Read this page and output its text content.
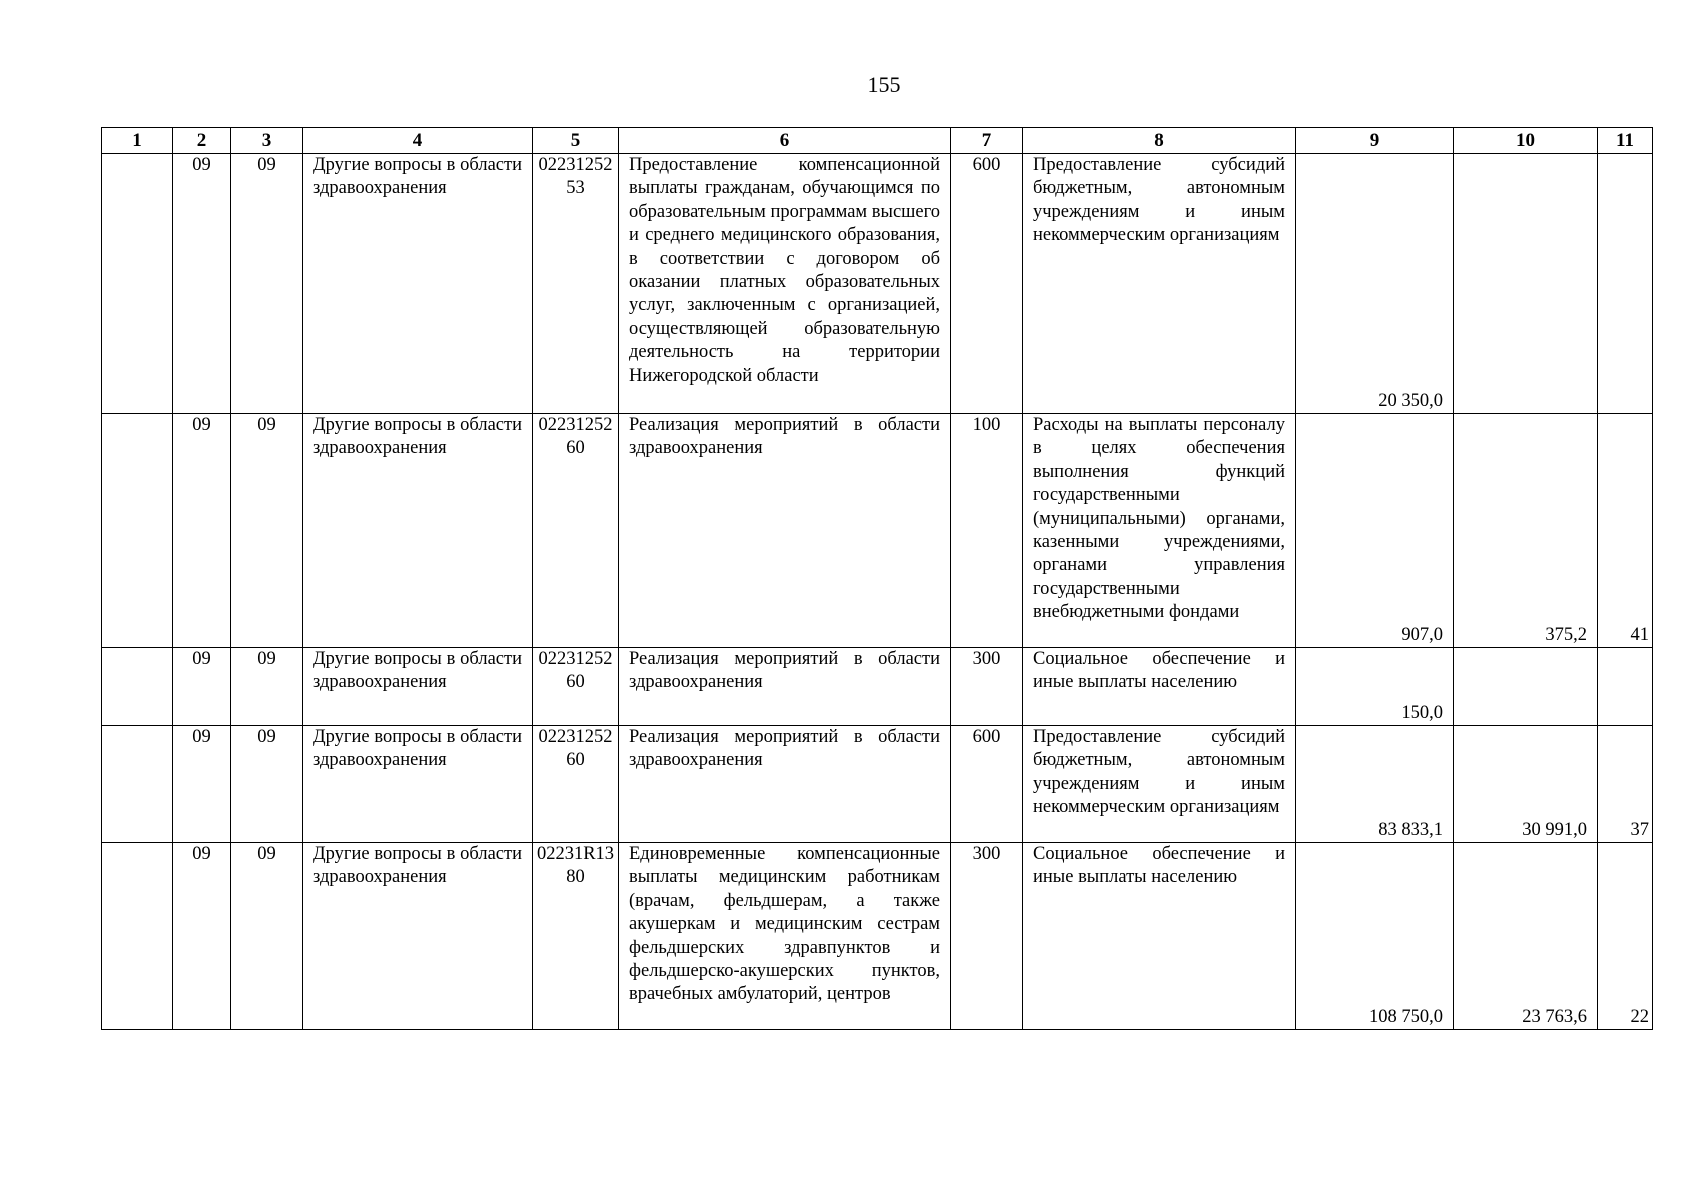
155
1	2	3	4	5	6	7	8	9	10	11
	09	09	Другие вопросы в области здравоохранения	0223125253	Предоставление компенсационной выплаты гражданам, обучающимся по образовательным программам высшего и среднего медицинского образования, в соответствии с договором об оказании платных образовательных услуг, заключенным с организацией, осуществляющей образовательную деятельность на территории Нижегородской области	600	Предоставление субсидий бюджетным, автономным учреждениям и иным некоммерческим организациям	20 350,0		
	09	09	Другие вопросы в области здравоохранения	0223125260	Реализация мероприятий в области здравоохранения	100	Расходы на выплаты персоналу в целях обеспечения выполнения функций государственными (муниципальными) органами, казенными учреждениями, органами управления государственными внебюджетными фондами	907,0	375,2	41
	09	09	Другие вопросы в области здравоохранения	0223125260	Реализация мероприятий в области здравоохранения	300	Социальное обеспечение и иные выплаты населению	150,0		
	09	09	Другие вопросы в области здравоохранения	0223125260	Реализация мероприятий в области здравоохранения	600	Предоставление субсидий бюджетным, автономным учреждениям и иным некоммерческим организациям	83 833,1	30 991,0	37
	09	09	Другие вопросы в области здравоохранения	02231R1380	Единовременные компенсационные выплаты медицинским работникам (врачам, фельдшерам, а также акушеркам и медицинским сестрам фельдшерских здравпунктов и фельдшерско-акушерских пунктов, врачебных амбулаторий, центров	300	Социальное обеспечение и иные выплаты населению	108 750,0	23 763,6	22
